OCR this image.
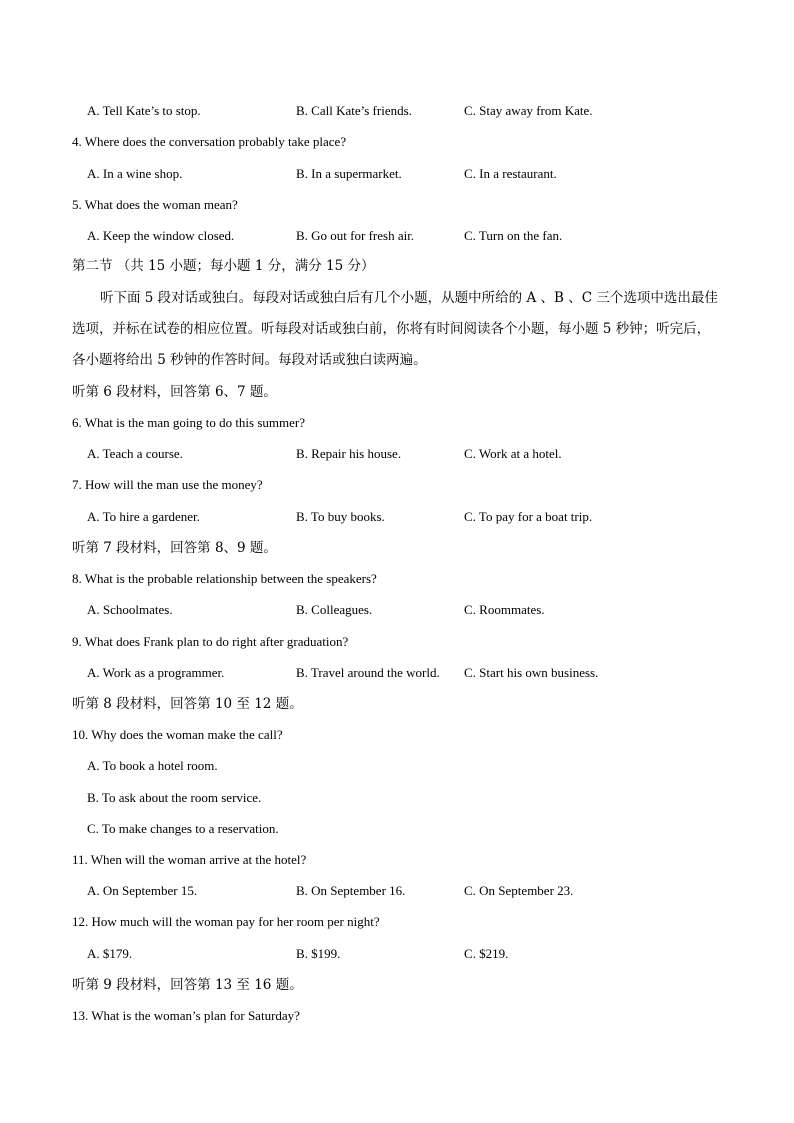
A. Tell Kate’s to stop.	B. Call Kate’s friends.	C. Stay away from Kate.
4. Where does the conversation probably take place?
A. In a wine shop.	B. In a supermarket.	C. In a restaurant.
5. What does the woman mean?
A. Keep the window closed.	B. Go out for fresh air.	C. Turn on the fan.
第二节 （共 15 小题；每小题 1 分，满分 15 分）
听下面 5 段对话或独白。每段对话或独白后有几个小题，从题中所给的 A 、B 、C 三个选项中选出最佳
选项，并标在试卷的相应位置。听每段对话或独白前，你将有时间阅读各个小题，每小题 5 秒钟；听完后，
各小题将给出 5 秒钟的作答时间。每段对话或独白读两遍。
听第 6 段材料，回答第 6、7 题。
6. What is the man going to do this summer?
A. Teach a course.	B. Repair his house.	C. Work at a hotel.
7. How will the man use the money?
A. To hire a gardener.	B. To buy books.	C. To pay for a boat trip.
听第 7 段材料，回答第 8、9 题。
8. What is the probable relationship between the speakers?
A. Schoolmates.	B. Colleagues.	C. Roommates.
9. What does Frank plan to do right after graduation?
A. Work as a programmer.	B. Travel around the world. C. Start his own business.
听第 8 段材料，回答第 10 至 12 题。
10. Why does the woman make the call?
A. To book a hotel room.
B. To ask about the room service.
C. To make changes to a reservation.
11. When will the woman arrive at the hotel?
A. On September 15.	B. On September 16.	C. On September 23.
12. How much will the woman pay for her room per night?
A. $179.	B. $199.	C. $219.
听第 9 段材料，回答第 13 至 16 题。
13. What is the woman’s plan for Saturday?
